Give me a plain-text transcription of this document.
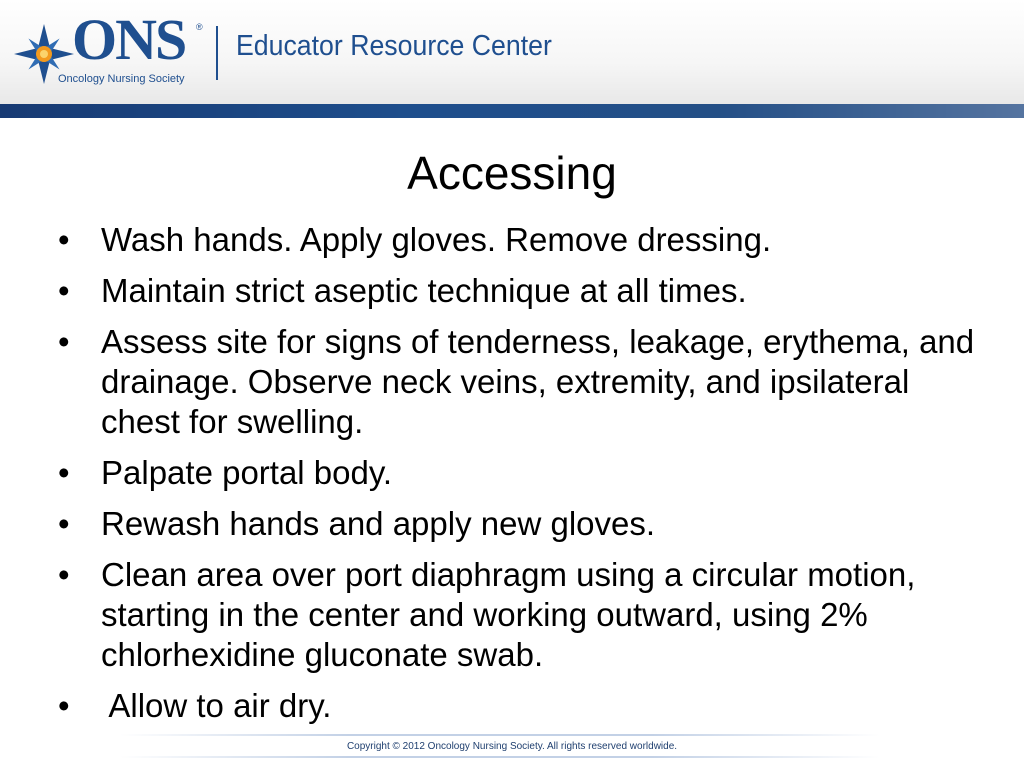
ONS ®
Oncology Nursing Society
Educator Resource Center
Accessing
• Wash hands. Apply gloves. Remove dressing.
• Maintain strict aseptic technique at all times.
• Assess site for signs of tenderness, leakage, erythema, and drainage. Observe neck veins, extremity, and ipsilateral chest for swelling.
• Palpate portal body.
• Rewash hands and apply new gloves.
• Clean area over port diaphragm using a circular motion, starting in the center and working outward, using 2% chlorhexidine gluconate swab.
• Allow to air dry.
Copyright © 2012 Oncology Nursing Society. All rights reserved worldwide.
